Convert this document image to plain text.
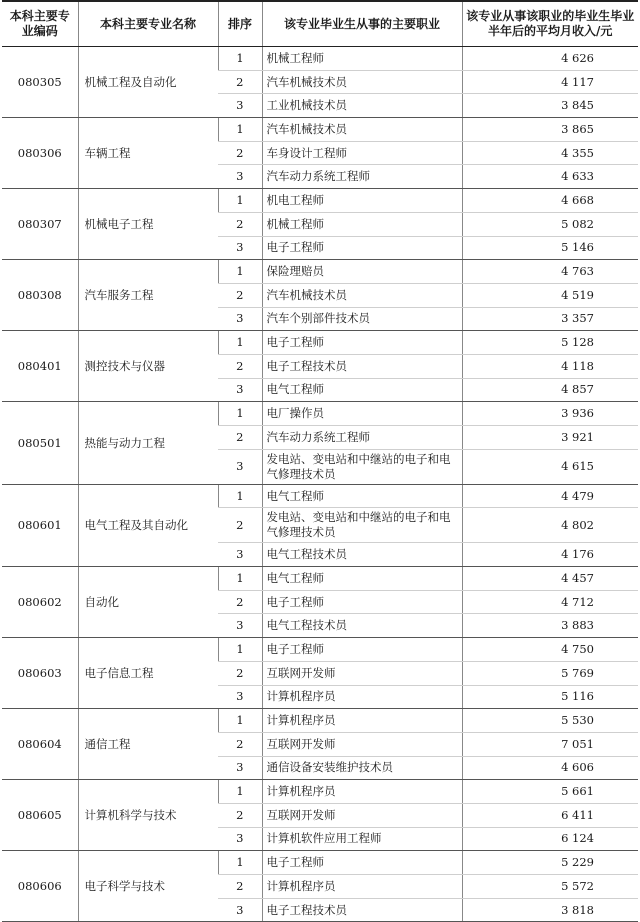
本科主要专业编码	本科主要专业名称	排序	该专业毕业生从事的主要职业	该专业从事该职业的毕业生毕业半年后的平均月收入/元
080305	机械工程及自动化	1	机械工程师	4 626
		2	汽车机械技术员	4 117
		3	工业机械技术员	3 845
080306	车辆工程	1	汽车机械技术员	3 865
		2	车身设计工程师	4 355
		3	汽车动力系统工程师	4 633
080307	机械电子工程	1	机电工程师	4 668
		2	机械工程师	5 082
		3	电子工程师	5 146
080308	汽车服务工程	1	保险理赔员	4 763
		2	汽车机械技术员	4 519
		3	汽车个别部件技术员	3 357
080401	测控技术与仪器	1	电子工程师	5 128
		2	电子工程技术员	4 118
		3	电气工程师	4 857
080501	热能与动力工程	1	电厂操作员	3 936
		2	汽车动力系统工程师	3 921
		3	发电站、变电站和中继站的电子和电气修理技术员	4 615
080601	电气工程及其自动化	1	电气工程师	4 479
		2	发电站、变电站和中继站的电子和电气修理技术员	4 802
		3	电气工程技术员	4 176
080602	自动化	1	电气工程师	4 457
		2	电子工程师	4 712
		3	电气工程技术员	3 883
080603	电子信息工程	1	电子工程师	4 750
		2	互联网开发师	5 769
		3	计算机程序员	5 116
080604	通信工程	1	计算机程序员	5 530
		2	互联网开发师	7 051
		3	通信设备安装维护技术员	4 606
080605	计算机科学与技术	1	计算机程序员	5 661
		2	互联网开发师	6 411
		3	计算机软件应用工程师	6 124
080606	电子科学与技术	1	电子工程师	5 229
		2	计算机程序员	5 572
		3	电子工程技术员	3 818
